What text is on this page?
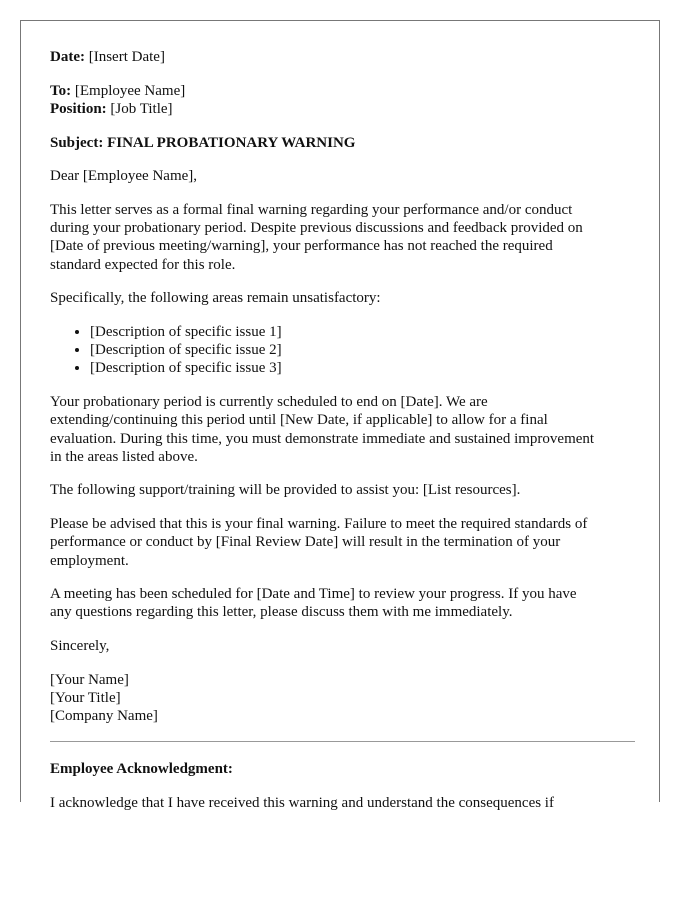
Date: [Insert Date]

To: [Employee Name]
Position: [Job Title]

Subject: FINAL PROBATIONARY WARNING

Dear [Employee Name],

This letter serves as a formal final warning regarding your performance and/or conduct
during your probationary period. Despite previous discussions and feedback provided on
[Date of previous meeting/warning], your performance has not reached the required
standard expected for this role.

Specifically, the following areas remain unsatisfactory:

• [Description of specific issue 1]
• [Description of specific issue 2]
• [Description of specific issue 3]

Your probationary period is currently scheduled to end on [Date]. We are
extending/continuing this period until [New Date, if applicable] to allow for a final
evaluation. During this time, you must demonstrate immediate and sustained improvement
in the areas listed above.

The following support/training will be provided to assist you: [List resources].

Please be advised that this is your final warning. Failure to meet the required standards of
performance or conduct by [Final Review Date] will result in the termination of your
employment.

A meeting has been scheduled for [Date and Time] to review your progress. If you have
any questions regarding this letter, please discuss them with me immediately.

Sincerely,

[Your Name]
[Your Title]
[Company Name]

Employee Acknowledgment:

I acknowledge that I have received this warning and understand the consequences if
